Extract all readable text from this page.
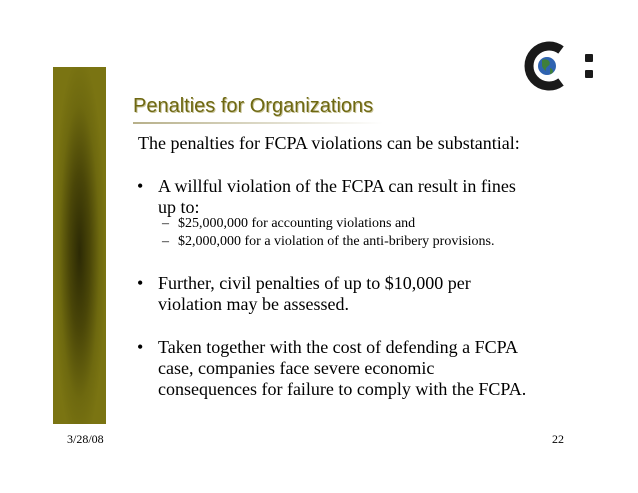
Penalties for Organizations
The penalties for FCPA violations can be substantial:
• A willful violation of the FCPA can result in fines
up to:
– $25,000,000 for accounting violations and
– $2,000,000 for a violation of the anti-bribery provisions.
• Further, civil penalties of up to $10,000 per
violation may be assessed.
• Taken together with the cost of defending a FCPA
case, companies face severe economic
consequences for failure to comply with the FCPA.
3/28/08	22
